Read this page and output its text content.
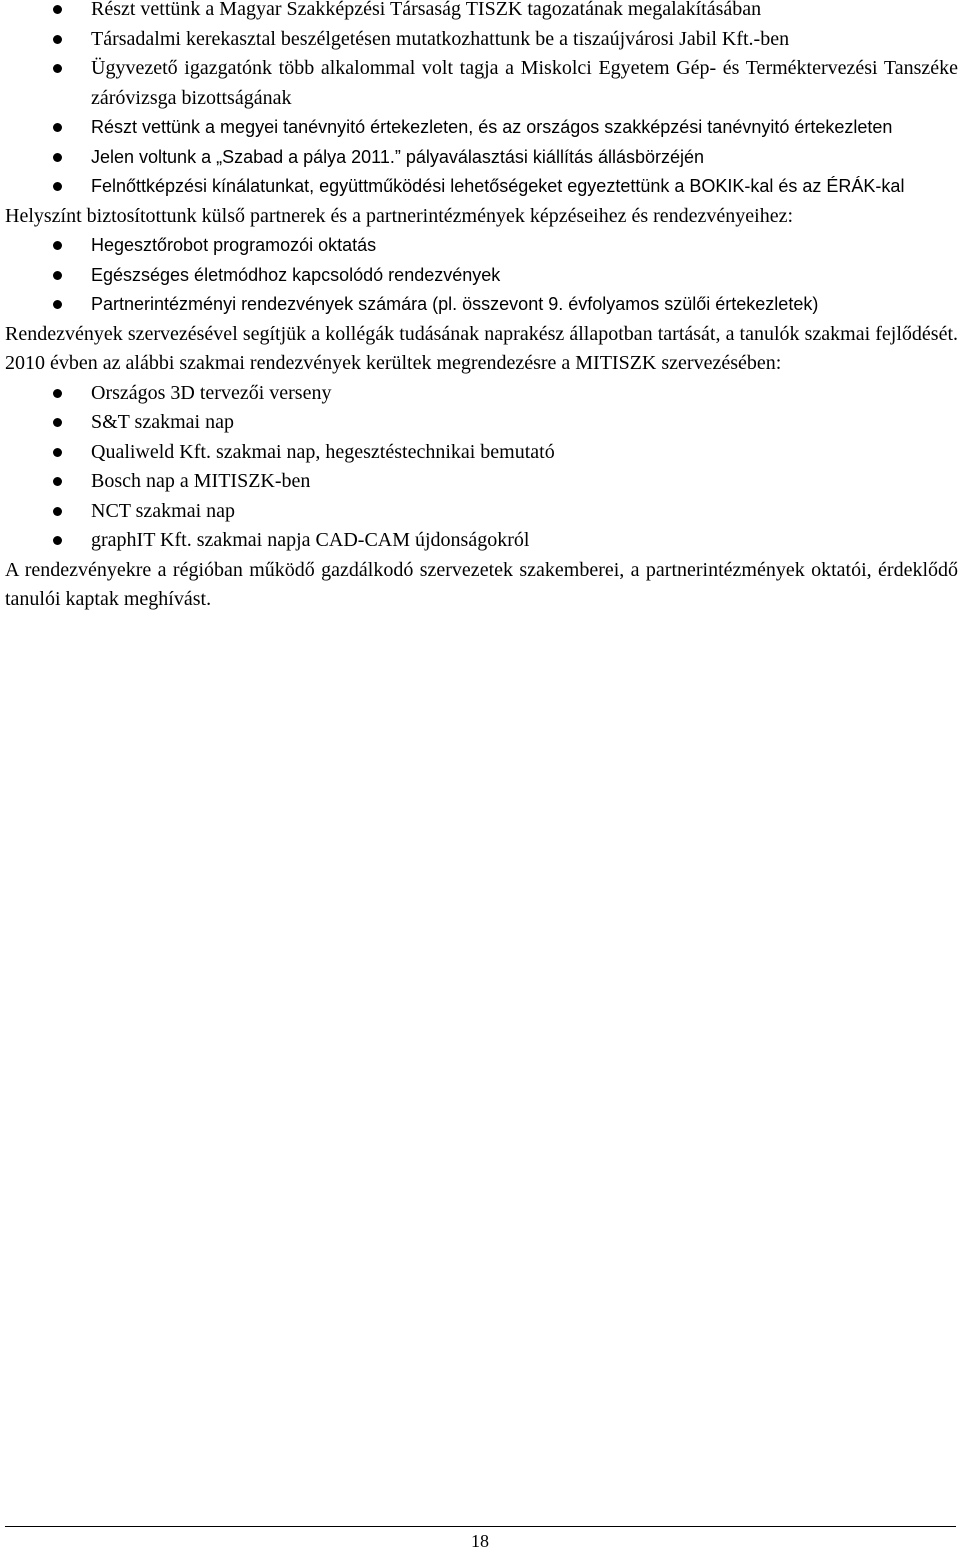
Részt vettünk a Magyar Szakképzési Társaság TISZK tagozatának megalakításában
Társadalmi kerekasztal beszélgetésen mutatkozhattunk be a tiszaújvárosi Jabil Kft.-ben
Ügyvezető igazgatónk több alkalommal volt tagja a Miskolci Egyetem Gép- és Terméktervezési Tanszéke záróvizsga bizottságának
Részt vettünk a megyei tanévnyitó értekezleten, és az országos szakképzési tanévnyitó értekezleten
Jelen voltunk a „Szabad a pálya 2011.” pályaválasztási kiállítás állásbörzéjén
Felnőttképzési kínálatunkat, együttműködési lehetőségeket egyeztettünk a BOKIK-kal és az ÉRÁK-kal

Helyszínt biztosítottunk külső partnerek és a partnerintézmények képzéseihez és rendezvényeihez:

Hegesztőrobot programozói oktatás
Egészséges életmódhoz kapcsolódó rendezvények
Partnerintézményi rendezvények számára (pl. összevont 9. évfolyamos szülői értekezletek)

Rendezvények szervezésével segítjük a kollégák tudásának naprakész állapotban tartását, a tanulók szakmai fejlődését. 2010 évben az alábbi szakmai rendezvények kerültek megrendezésre a MITISZK szervezésében:

Országos 3D tervezői verseny
S&T szakmai nap
Qualiweld Kft. szakmai nap, hegesztéstechnikai bemutató
Bosch nap a MITISZK-ben
NCT szakmai nap
graphIT Kft. szakmai napja CAD-CAM újdonságokról

A rendezvényekre a régióban működő gazdálkodó szervezetek szakemberei, a partnerintézmények oktatói, érdeklődő tanulói kaptak meghívást.

18
